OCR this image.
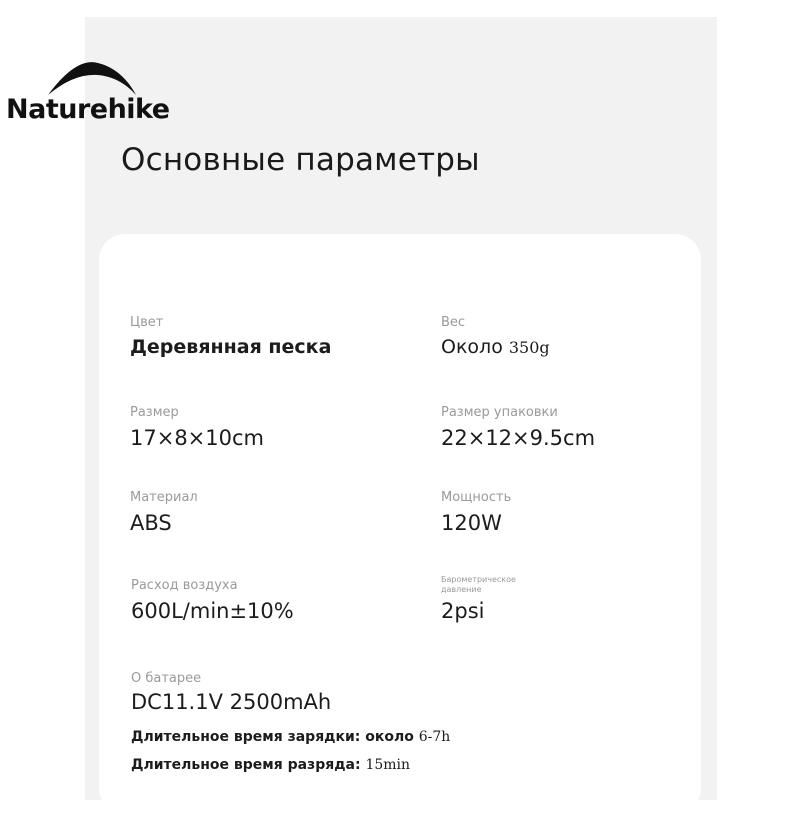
Naturehike
Основные параметры
Цвет
Деревянная песка
Размер
17×8×10cm
Материал
ABS
Расход воздуха
600L/min±10%
Вес
Около 350g
Размер упаковки
22×12×9.5cm
Мощность
120W
Барометрическое
давление
2psi
О батарее
DC11.1V 2500mAh
Длительное время зарядки: около 6-7h
Длительное время разряда: 15min
